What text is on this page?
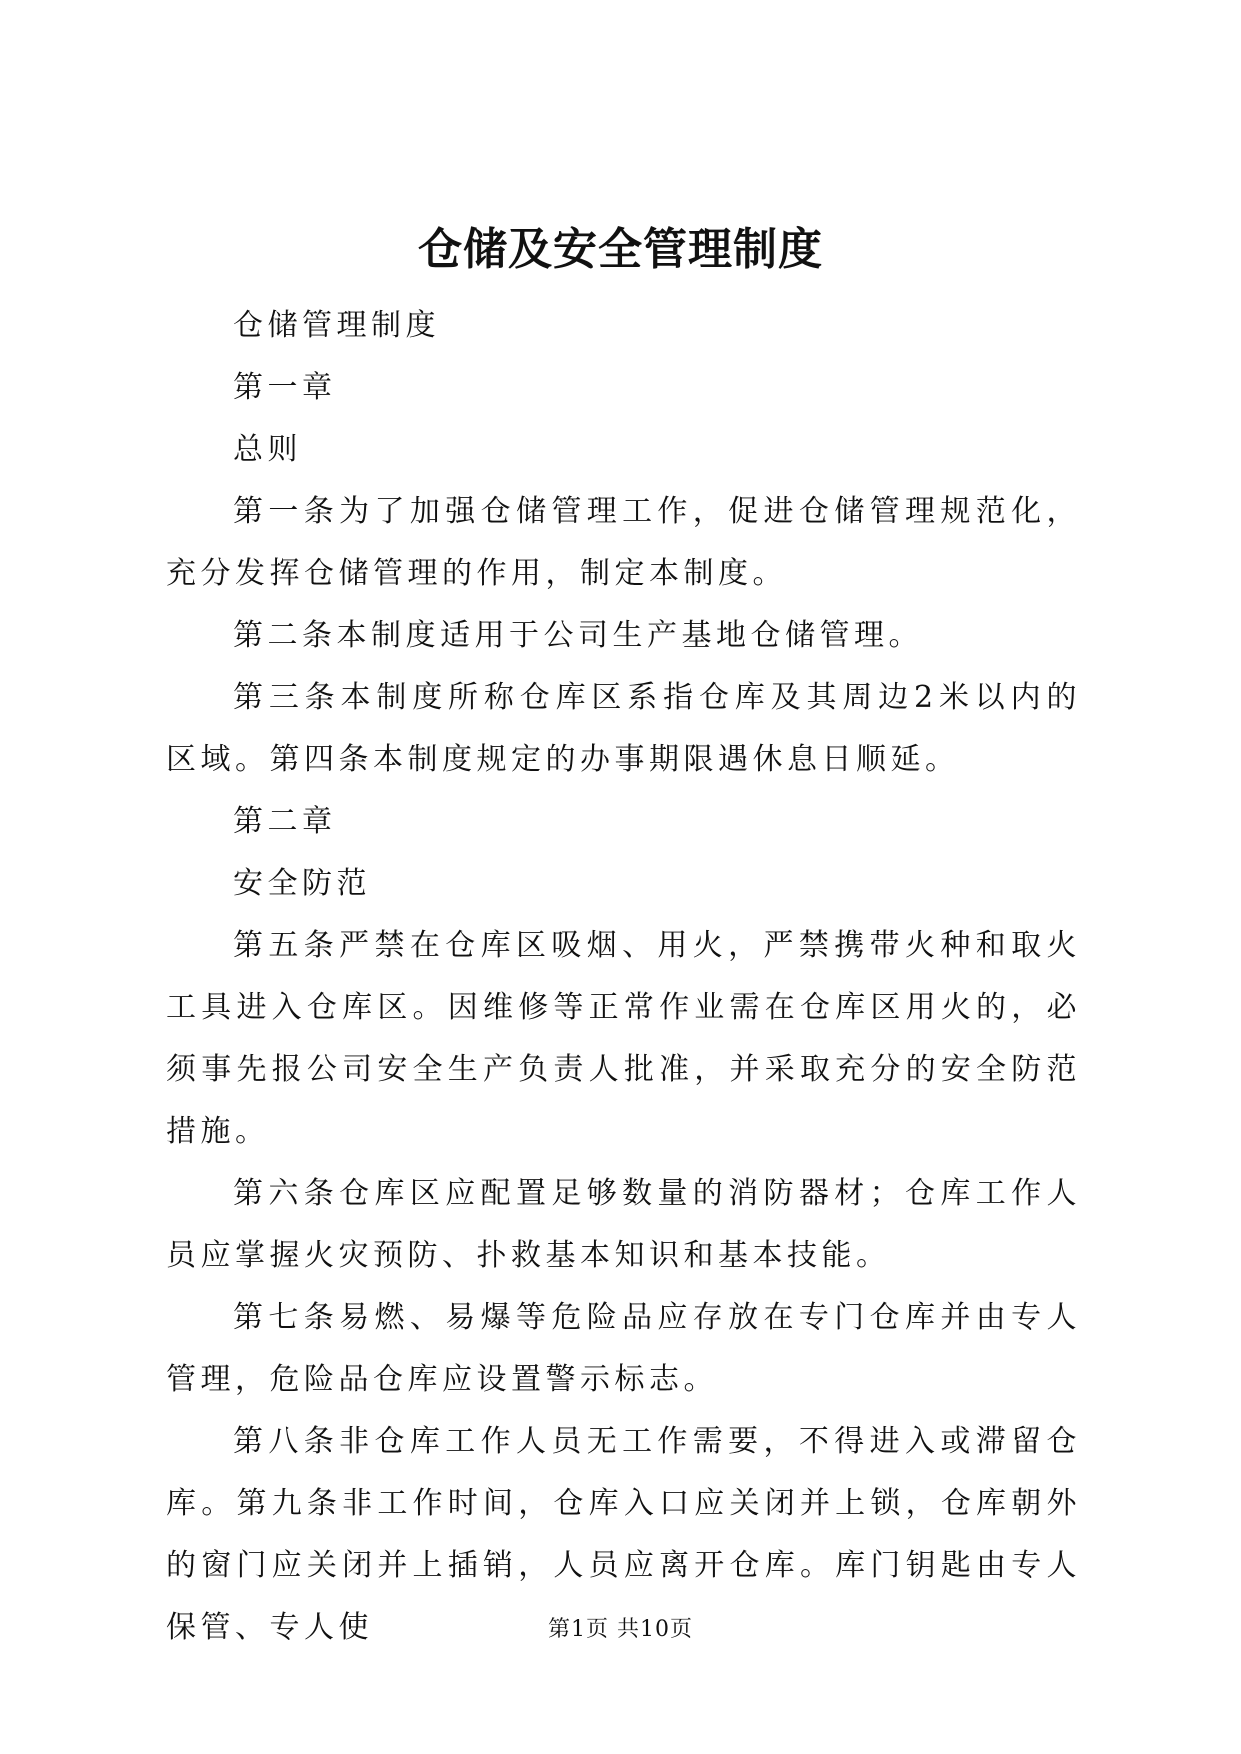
仓储及安全管理制度

仓储管理制度

第一章

总则

第一条为了加强仓储管理工作，促进仓储管理规范化，充分发挥仓储管理的作用，制定本制度。

第二条本制度适用于公司生产基地仓储管理。

第三条本制度所称仓库区系指仓库及其周边2米以内的区域。第四条本制度规定的办事期限遇休息日顺延。

第二章

安全防范

第五条严禁在仓库区吸烟、用火，严禁携带火种和取火工具进入仓库区。因维修等正常作业需在仓库区用火的，必须事先报公司安全生产负责人批准，并采取充分的安全防范措施。

第六条仓库区应配置足够数量的消防器材；仓库工作人员应掌握火灾预防、扑救基本知识和基本技能。

第七条易燃、易爆等危险品应存放在专门仓库并由专人管理，危险品仓库应设置警示标志。

第八条非仓库工作人员无工作需要，不得进入或滞留仓库。第九条非工作时间，仓库入口应关闭并上锁，仓库朝外的窗门应关闭并上插销，人员应离开仓库。库门钥匙由专人保管、专人使	第1页 共10页
